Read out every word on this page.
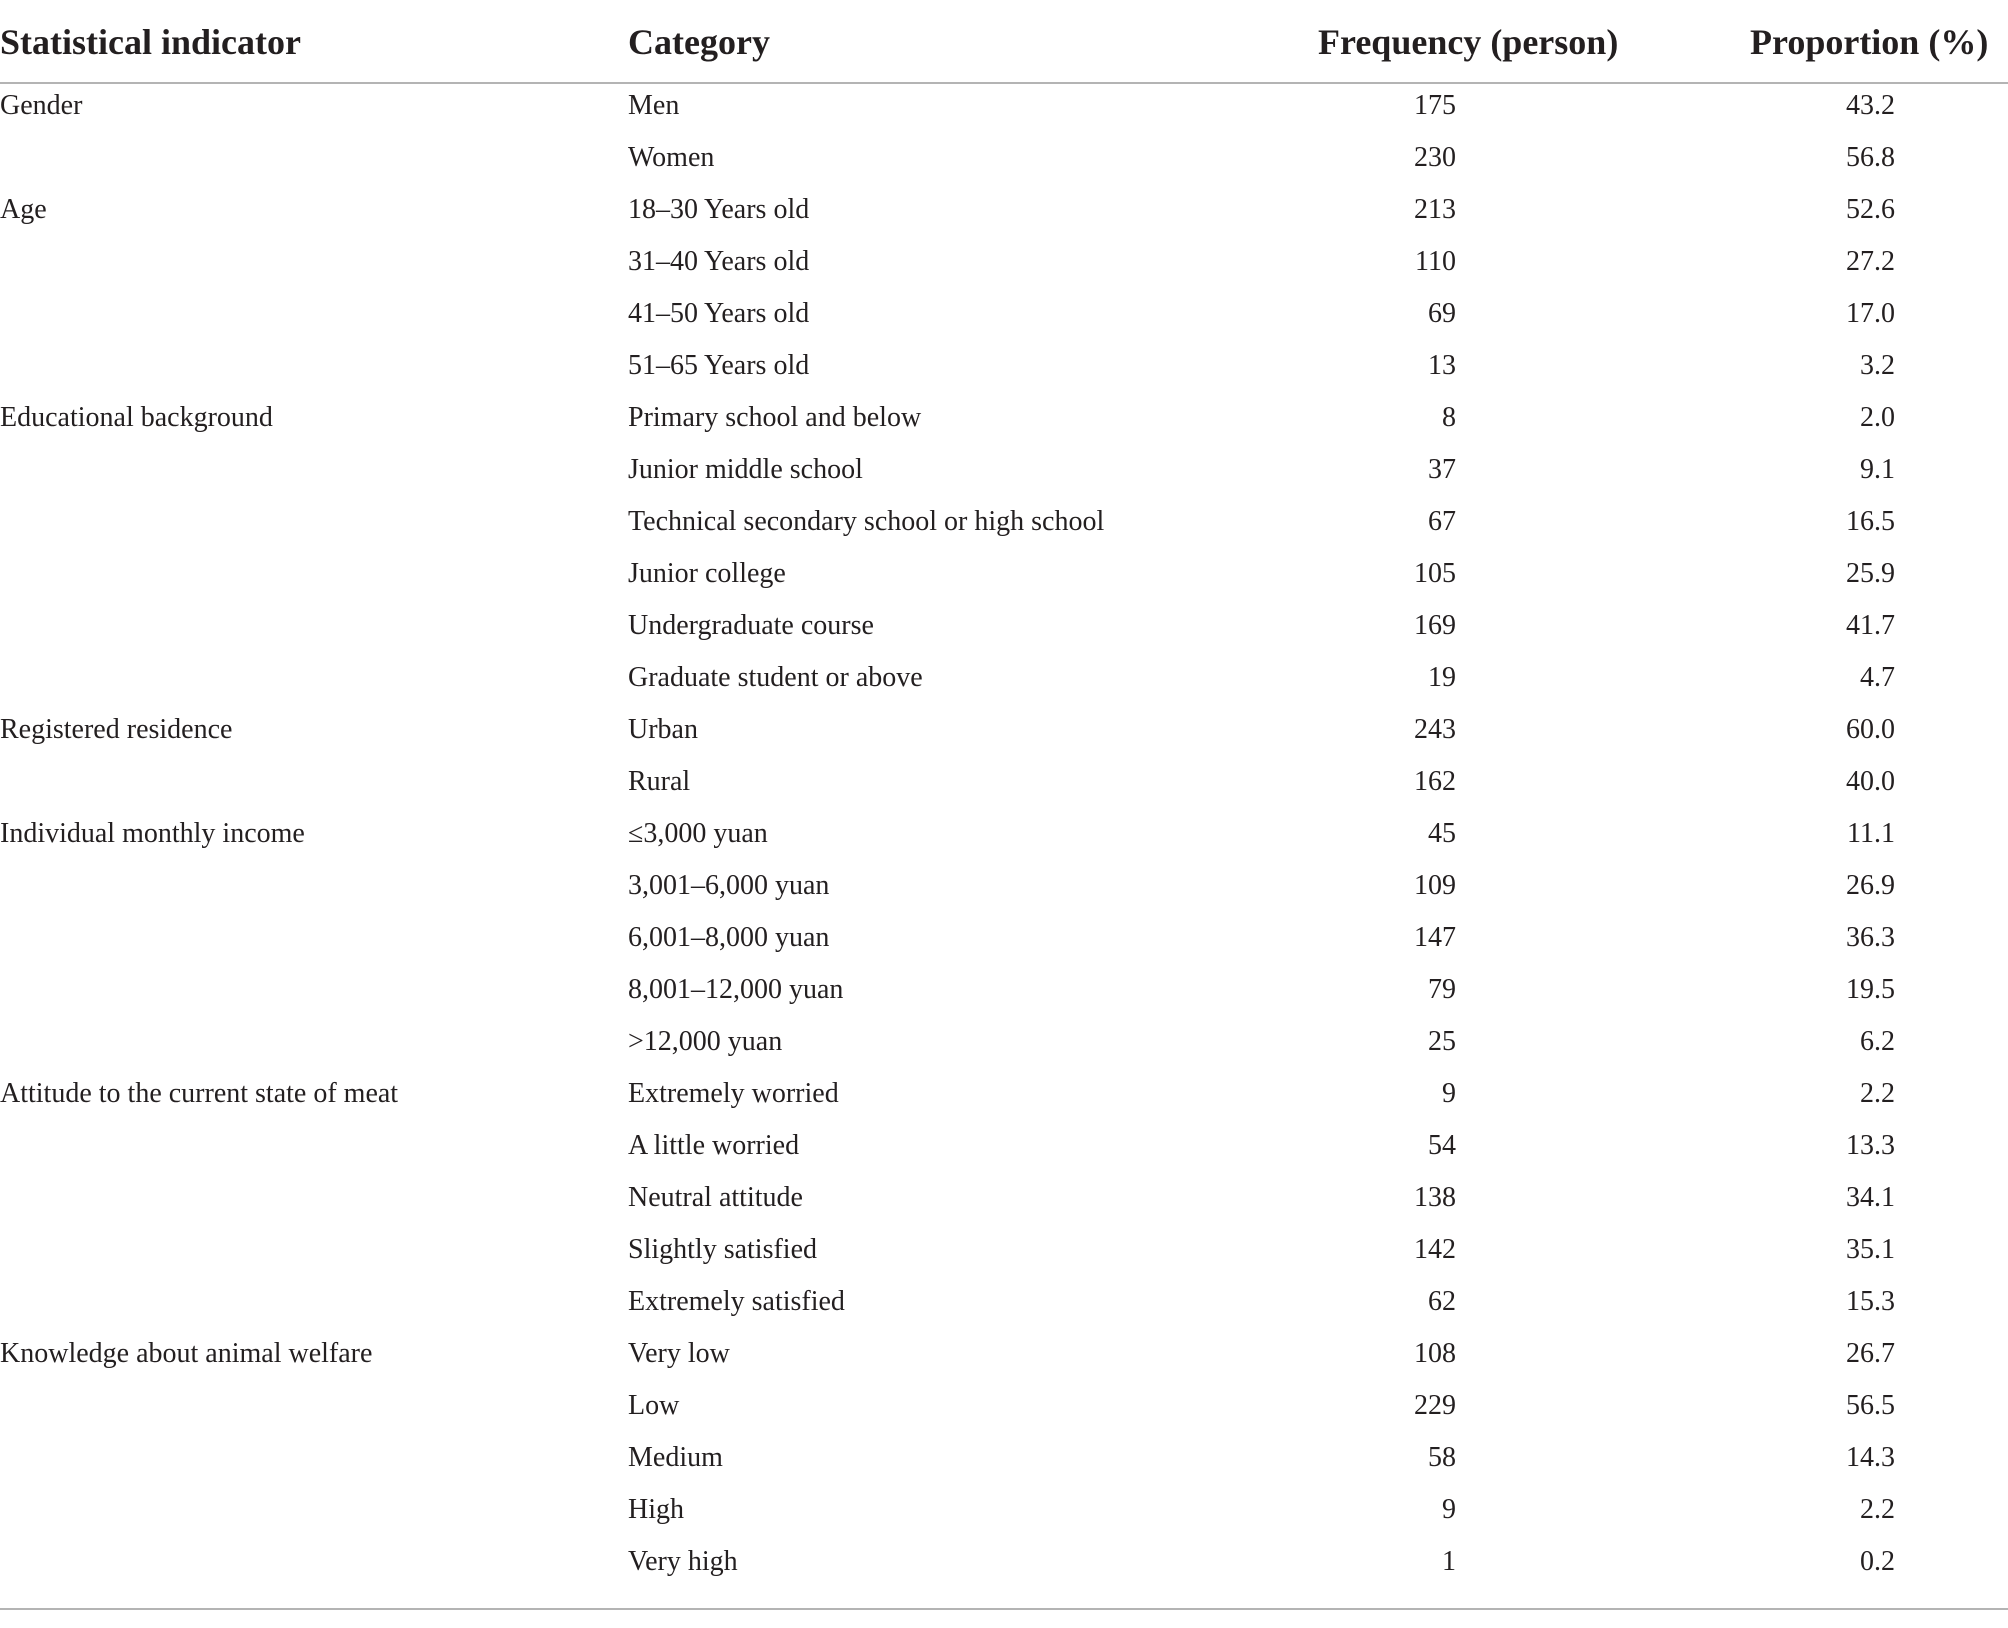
Statistical indicator	Category	Frequency (person)	Proportion (%)
Gender	Men	175	43.2
Women	230	56.8
Age	18–30 Years old	213	52.6
31–40 Years old	110	27.2
41–50 Years old	69	17.0
51–65 Years old	13	3.2
Educational background	Primary school and below	8	2.0
Junior middle school	37	9.1
Technical secondary school or high school	67	16.5
Junior college	105	25.9
Undergraduate course	169	41.7
Graduate student or above	19	4.7
Registered residence	Urban	243	60.0
Rural	162	40.0
Individual monthly income	≤3,000 yuan	45	11.1
3,001–6,000 yuan	109	26.9
6,001–8,000 yuan	147	36.3
8,001–12,000 yuan	79	19.5
>12,000 yuan	25	6.2
Attitude to the current state of meat	Extremely worried	9	2.2
A little worried	54	13.3
Neutral attitude	138	34.1
Slightly satisfied	142	35.1
Extremely satisfied	62	15.3
Knowledge about animal welfare	Very low	108	26.7
Low	229	56.5
Medium	58	14.3
High	9	2.2
Very high	1	0.2
